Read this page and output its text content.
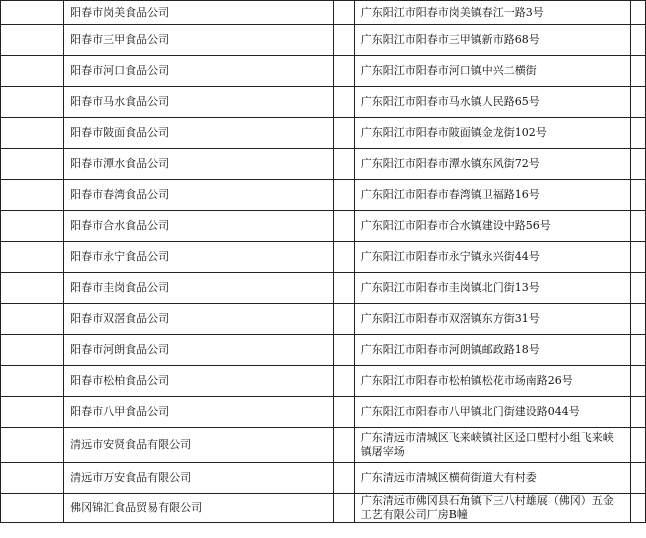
	阳春市岗美食品公司		广东阳江市阳春市岗美镇春江一路3号	
	阳春市三甲食品公司		广东阳江市阳春市三甲镇新市路68号	
	阳春市河口食品公司		广东阳江市阳春市河口镇中兴二横街	
	阳春市马水食品公司		广东阳江市阳春市马水镇人民路65号	
	阳春市陂面食品公司		广东阳江市阳春市陂面镇金龙街102号	
	阳春市潭水食品公司		广东阳江市阳春市潭水镇东风街72号	
	阳春市春湾食品公司		广东阳江市阳春市春湾镇卫福路16号	
	阳春市合水食品公司		广东阳江市阳春市合水镇建设中路56号	
	阳春市永宁食品公司		广东阳江市阳春市永宁镇永兴街44号	
	阳春市圭岗食品公司		广东阳江市阳春市圭岗镇北门街13号	
	阳春市双滘食品公司		广东阳江市阳春市双滘镇东方街31号	
	阳春市河朗食品公司		广东阳江市阳春市河朗镇邮政路18号	
	阳春市松柏食品公司		广东阳江市阳春市松柏镇松花市场南路26号	
	阳春市八甲食品公司		广东阳江市阳春市八甲镇北门街建设路044号	
	清远市安贤食品有限公司		广东清远市清城区飞来峡镇社区迳口塱村小组飞来峡镇屠宰场	
	清远市万安食品有限公司		广东清远市清城区横荷街道大有村委	
	佛冈锦汇食品贸易有限公司		广东清远市佛冈县石角镇下三八村雄展（佛冈）五金工艺有限公司厂房B幢	
